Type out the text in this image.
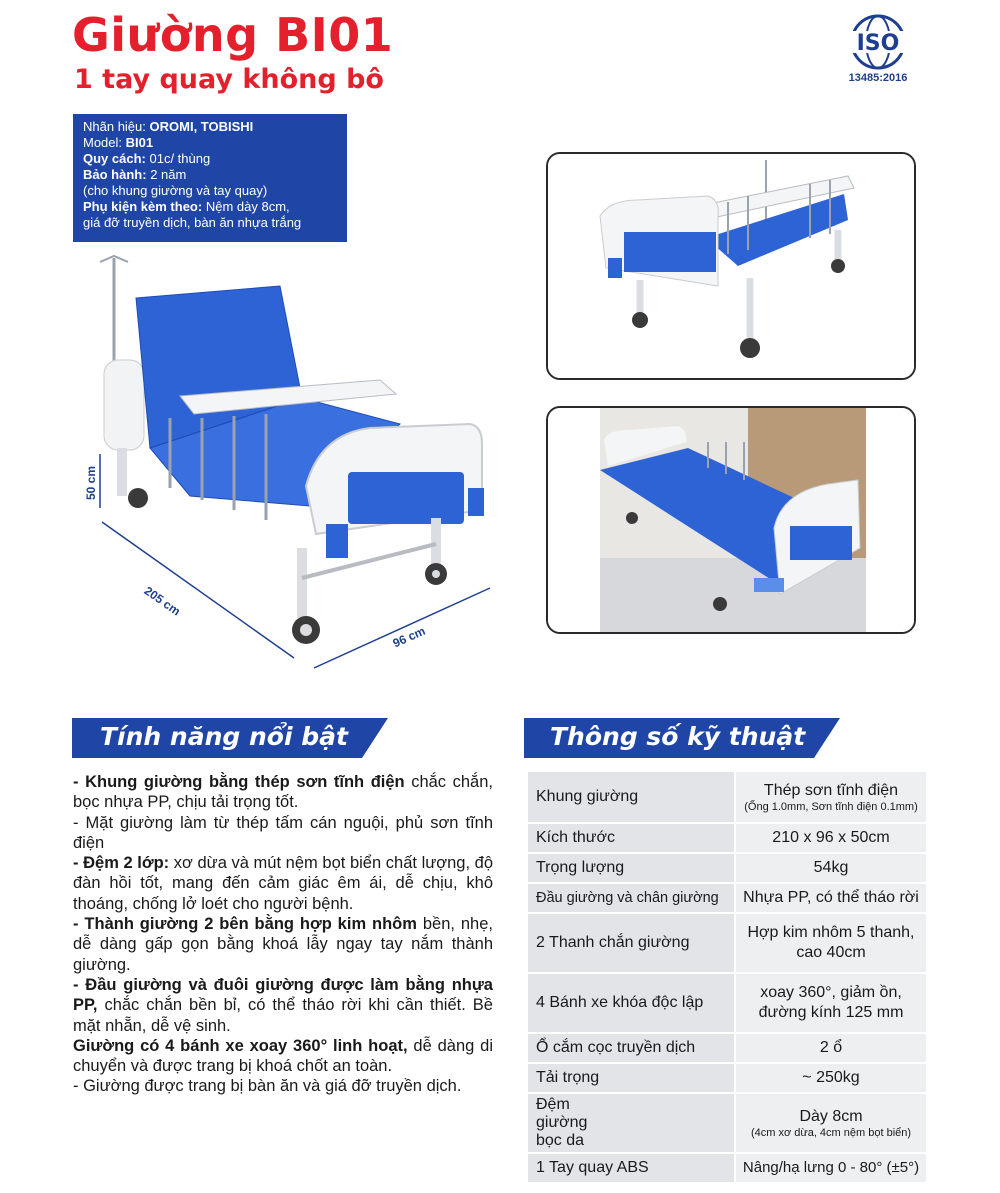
Giường BI01
1 tay quay không bô
ISO
13485:2016
Nhãn hiệu: OROMI, TOBISHI
Model: BI01
Quy cách: 01c/ thùng
Bảo hành: 2 năm
(cho khung giường và tay quay)
Phụ kiện kèm theo: Nệm dày 8cm,
giá đỡ truyền dịch, bàn ăn nhựa trắng
50 cm
205 cm
96 cm
Tính năng nổi bật

- Khung giường bằng thép sơn tĩnh điện chắc chắn, bọc nhựa PP, chịu tải trọng tốt.

- Mặt giường làm từ thép tấm cán nguội, phủ sơn tĩnh điện

- Đệm 2 lớp: xơ dừa và mút nệm bọt biển chất lượng, độ đàn hồi tốt, mang đến cảm giác êm ái, dễ chịu, khô thoáng, chống lở loét cho người bệnh.

- Thành giường 2 bên bằng hợp kim nhôm bền, nhẹ, dễ dàng gấp gọn bằng khoá lẫy ngay tay nắm thành giường.

- Đầu giường và đuôi giường được làm bằng nhựa PP, chắc chắn bền bỉ, có thể tháo rời khi cần thiết. Bề mặt nhẵn, dễ vệ sinh.

Giường có 4 bánh xe xoay 360° linh hoạt, dễ dàng di chuyển và được trang bị khoá chốt an toàn.

- Giường được trang bị bàn ăn và giá đỡ truyền dịch.

Thông số kỹ thuật
Khung giường	Thép sơn tĩnh điện
(Ống 1.0mm, Sơn tĩnh điện 0.1mm)

Kích thước	210 x 96 x 50cm
Trọng lượng	54kg
Đầu giường và chân giường	Nhựa PP, có thể tháo rời
2 Thanh chắn giường	Hợp kim nhôm 5 thanh, cao 40cm
4 Bánh xe khóa độc lập	xoay 360°, giảm ồn, đường kính 125 mm
Ổ cắm cọc truyền dịch	2 ổ
Tải trọng	~ 250kg
Đệm giường bọc da	Dày 8cm
(4cm xơ dừa, 4cm nệm bọt biển)

1 Tay quay ABS	Nâng/hạ lưng 0 - 80° (±5°)
